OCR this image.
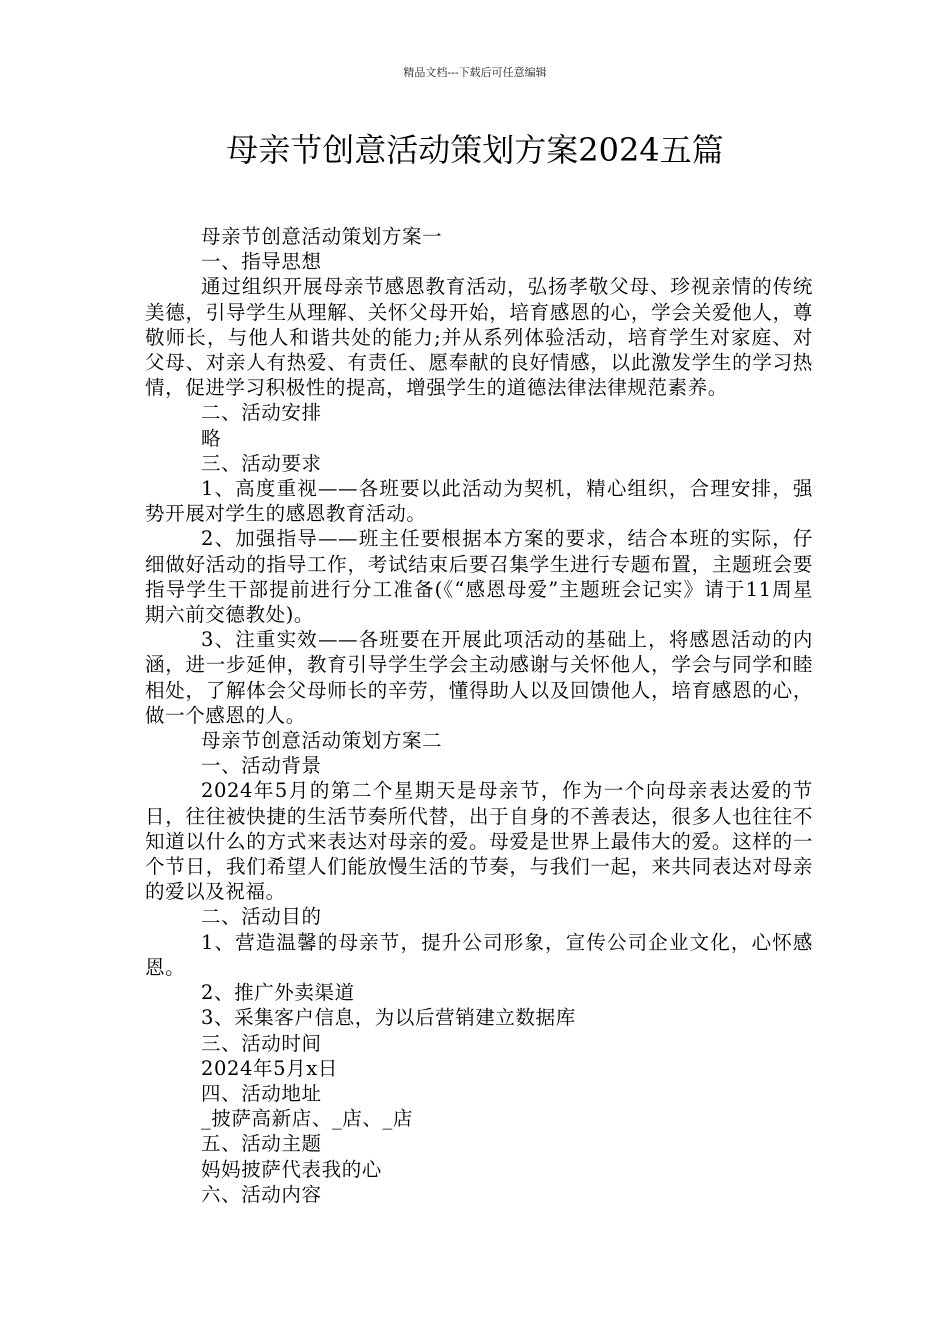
精品文档---下载后可任意编辑
母亲节创意活动策划方案2024五篇

母亲节创意活动策划方案一

一、指导思想

通过组织开展母亲节感恩教育活动，弘扬孝敬父母、珍视亲情的传统美德，引导学生从理解、关怀父母开始，培育感恩的心，学会关爱他人，尊敬师长，与他人和谐共处的能力;并从系列体验活动，培育学生对家庭、对父母、对亲人有热爱、有责任、愿奉献的良好情感，以此激发学生的学习热情，促进学习积极性的提高，增强学生的道德法律法律规范素养。

二、活动安排

略

三、活动要求

1、高度重视——各班要以此活动为契机，精心组织，合理安排，强势开展对学生的感恩教育活动。

2、加强指导——班主任要根据本方案的要求，结合本班的实际，仔细做好活动的指导工作，考试结束后要召集学生进行专题布置，主题班会要指导学生干部提前进行分工准备(《“感恩母爱”主题班会记实》请于11周星期六前交德教处)。

3、注重实效——各班要在开展此项活动的基础上，将感恩活动的内涵，进一步延伸，教育引导学生学会主动感谢与关怀他人，学会与同学和睦相处，了解体会父母师长的辛劳，懂得助人以及回馈他人，培育感恩的心，做一个感恩的人。

母亲节创意活动策划方案二

一、活动背景

2024年5月的第二个星期天是母亲节，作为一个向母亲表达爱的节日，往往被快捷的生活节奏所代替，出于自身的不善表达，很多人也往往不知道以什么的方式来表达对母亲的爱。母爱是世界上最伟大的爱。这样的一个节日，我们希望人们能放慢生活的节奏，与我们一起，来共同表达对母亲的爱以及祝福。

二、活动目的

1、营造温馨的母亲节，提升公司形象，宣传公司企业文化，心怀感恩。

2、推广外卖渠道

3、采集客户信息，为以后营销建立数据库

三、活动时间

2024年5月x日

四、活动地址

_披萨高新店、_店、_店

五、活动主题

妈妈披萨代表我的心

六、活动内容
